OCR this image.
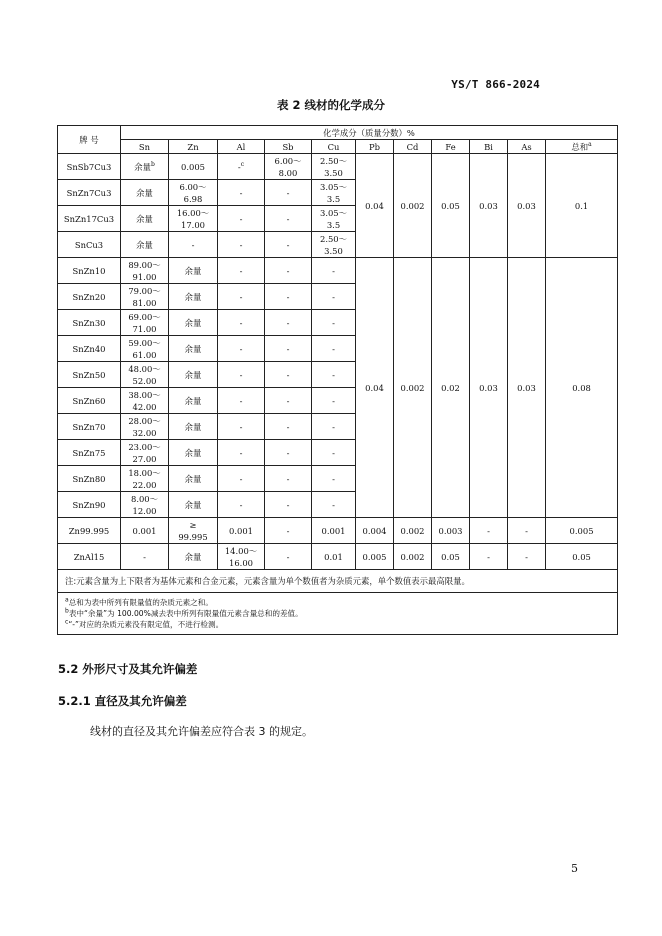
YS/T 866-2024
表 2 线材的化学成分
牌 号	化学成分（质量分数）%										
	Sn	Zn	Al	Sb	Cu	Pb	Cd	Fe	Bi	As	总和$^a$
SnSb7Cu3	余量$^b$	0.005	-$^c$	6.00～
8.00	2.50～
3.50	0.04	0.002	0.05	0.03	0.03	0.1
SnZn7Cu3	余量	6.00～
6.98	-	-	3.05～
3.5						
SnZn17Cu3	余量	16.00～
17.00	-	-	3.05～
3.5						
SnCu3	余量	-	-	-	2.50～
3.50						
SnZn10	89.00～
91.00	余量	-	-	-	0.04	0.002	0.02	0.03	0.03	0.08
SnZn20	79.00～
81.00	余量	-	-	-						
SnZn30	69.00～
71.00	余量	-	-	-						
SnZn40	59.00～
61.00	余量	-	-	-						
SnZn50	48.00～
52.00	余量	-	-	-						
SnZn60	38.00～
42.00	余量	-	-	-						
SnZn70	28.00～
32.00	余量	-	-	-						
SnZn75	23.00～
27.00	余量	-	-	-						
SnZn80	18.00～
22.00	余量	-	-	-						
SnZn90	8.00～
12.00	余量	-	-	-						
Zn99.995	0.001	≥
99.995	0.001	-	0.001	0.004	0.002	0.003	-	-	0.005
ZnAl15	-	余量	14.00～
16.00	-	0.01	0.005	0.002	0.05	-	-	0.05
注:元素含量为上下限者为基体元素和合金元素，元素含量为单个数值者为杂质元素，单个数值表示最高限量。											

$^a$总和为表中所列有限量值的杂质元素之和。
$^b$表中“余量”为 100.00%减去表中所列有限量值元素含量总和的差值。
$^c$“-”对应的杂质元素没有限定值，不进行检测。											
5.2 外形尺寸及其允许偏差
5.2.1 直径及其允许偏差
线材的直径及其允许偏差应符合表 3 的规定。
5
